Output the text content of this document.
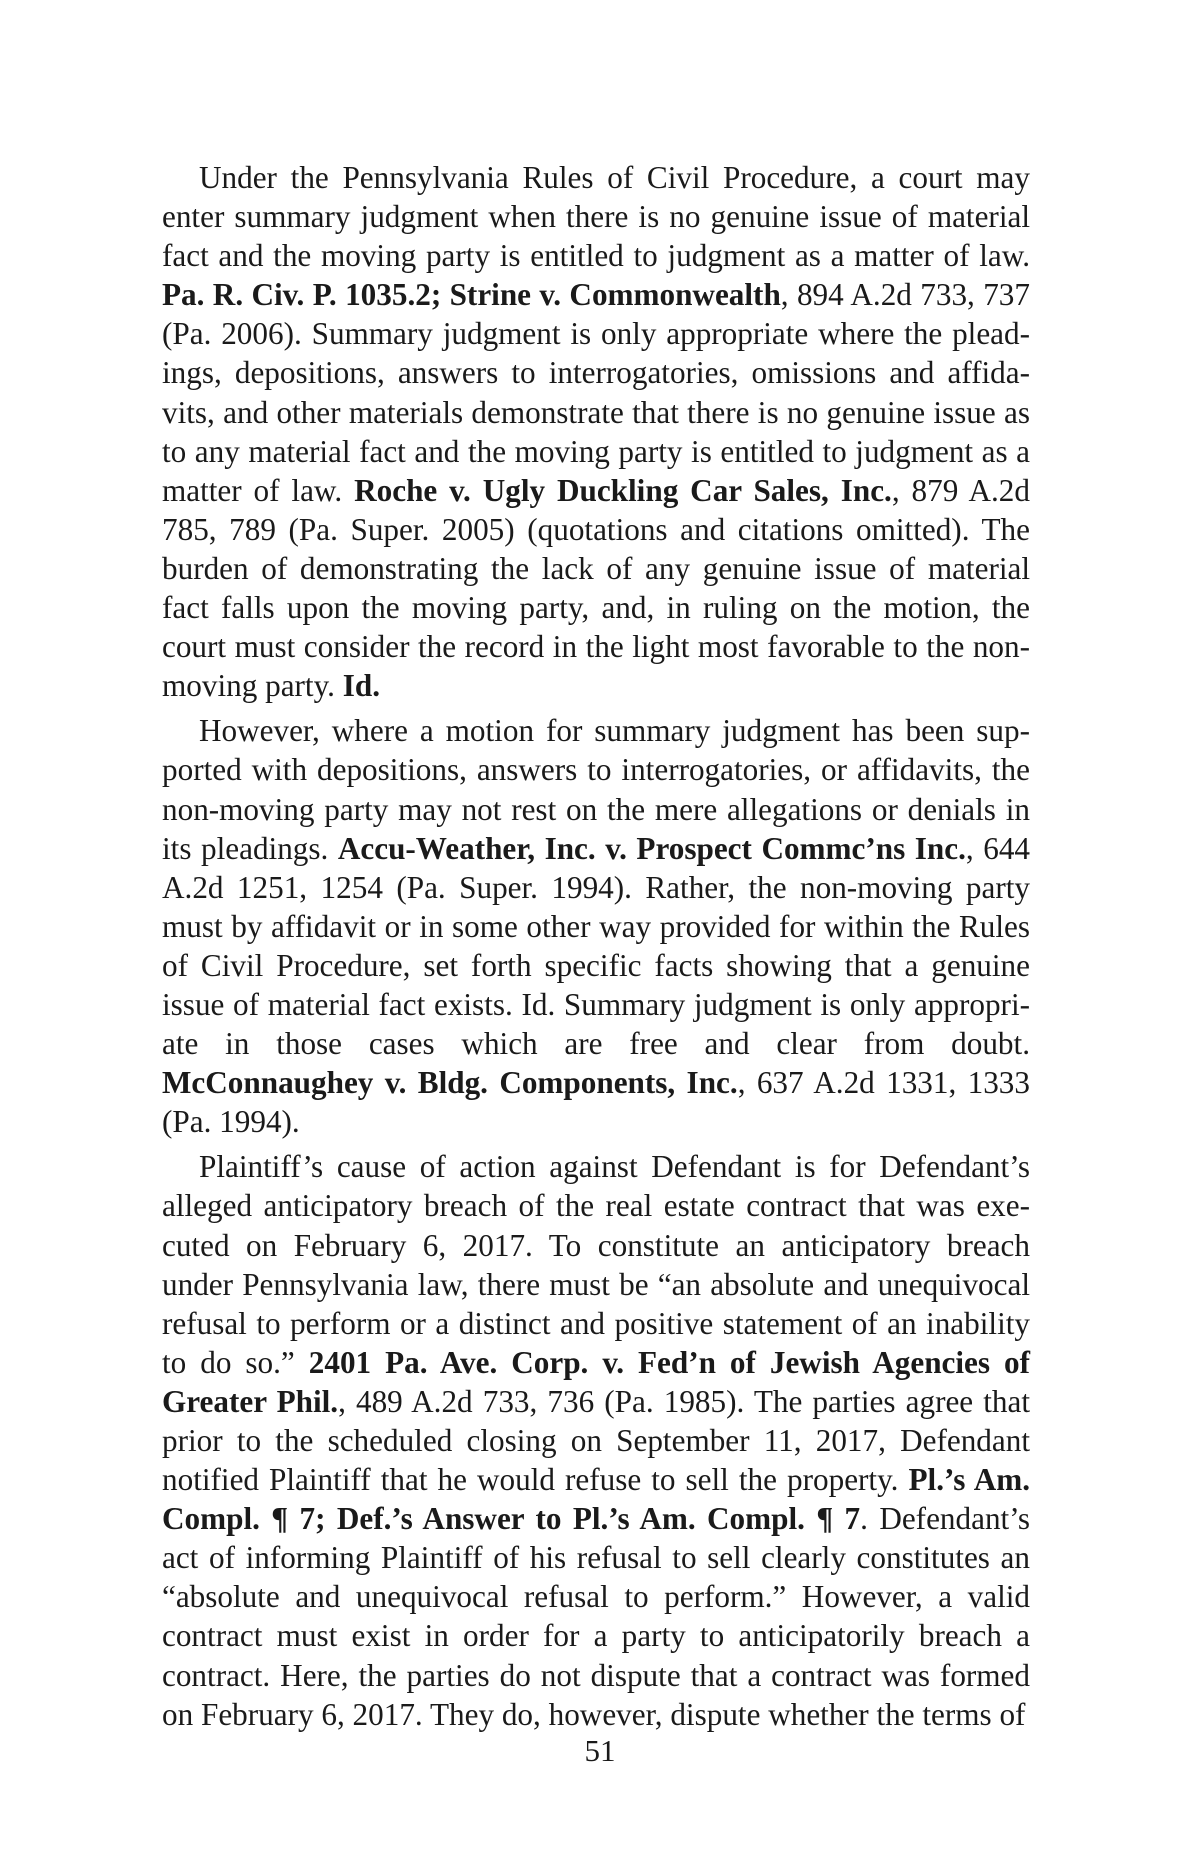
Under the Pennsylvania Rules of Civil Procedure, a court may enter summary judgment when there is no genuine issue of material fact and the moving party is entitled to judgment as a matter of law. Pa. R. Civ. P. 1035.2; Strine v. Commonwealth, 894 A.2d 733, 737 (Pa. 2006). Summary judgment is only appropriate where the pleadings, depositions, answers to interrogatories, omissions and affidavits, and other materials demonstrate that there is no genuine issue as to any material fact and the moving party is entitled to judgment as a matter of law. Roche v. Ugly Duckling Car Sales, Inc., 879 A.2d 785, 789 (Pa. Super. 2005) (quotations and citations omitted). The burden of demonstrating the lack of any genuine issue of material fact falls upon the moving party, and, in ruling on the motion, the court must consider the record in the light most favorable to the nonmoving party. Id.

However, where a motion for summary judgment has been supported with depositions, answers to interrogatories, or affidavits, the non-moving party may not rest on the mere allegations or denials in its pleadings. Accu-Weather, Inc. v. Prospect Commc’ns Inc., 644 A.2d 1251, 1254 (Pa. Super. 1994). Rather, the non-moving party must by affidavit or in some other way provided for within the Rules of Civil Procedure, set forth specific facts showing that a genuine issue of material fact exists. Id. Summary judgment is only appropriate in those cases which are free and clear from doubt. McConnaughey v. Bldg. Components, Inc., 637 A.2d 1331, 1333 (Pa. 1994).

Plaintiff’s cause of action against Defendant is for Defendant’s alleged anticipatory breach of the real estate contract that was executed on February 6, 2017. To constitute an anticipatory breach under Pennsylvania law, there must be “an absolute and unequivocal refusal to perform or a distinct and positive statement of an inability to do so.” 2401 Pa. Ave. Corp. v. Fed’n of Jewish Agencies of Greater Phil., 489 A.2d 733, 736 (Pa. 1985). The parties agree that prior to the scheduled closing on September 11, 2017, Defendant notified Plaintiff that he would refuse to sell the property. Pl.’s Am. Compl. ¶ 7; Def.’s Answer to Pl.’s Am. Compl. ¶ 7. Defendant’s act of informing Plaintiff of his refusal to sell clearly constitutes an “absolute and unequivocal refusal to perform.” However, a valid contract must exist in order for a party to anticipatorily breach a contract. Here, the parties do not dispute that a contract was formed on February 6, 2017. They do, however, dispute whether the terms of

51
